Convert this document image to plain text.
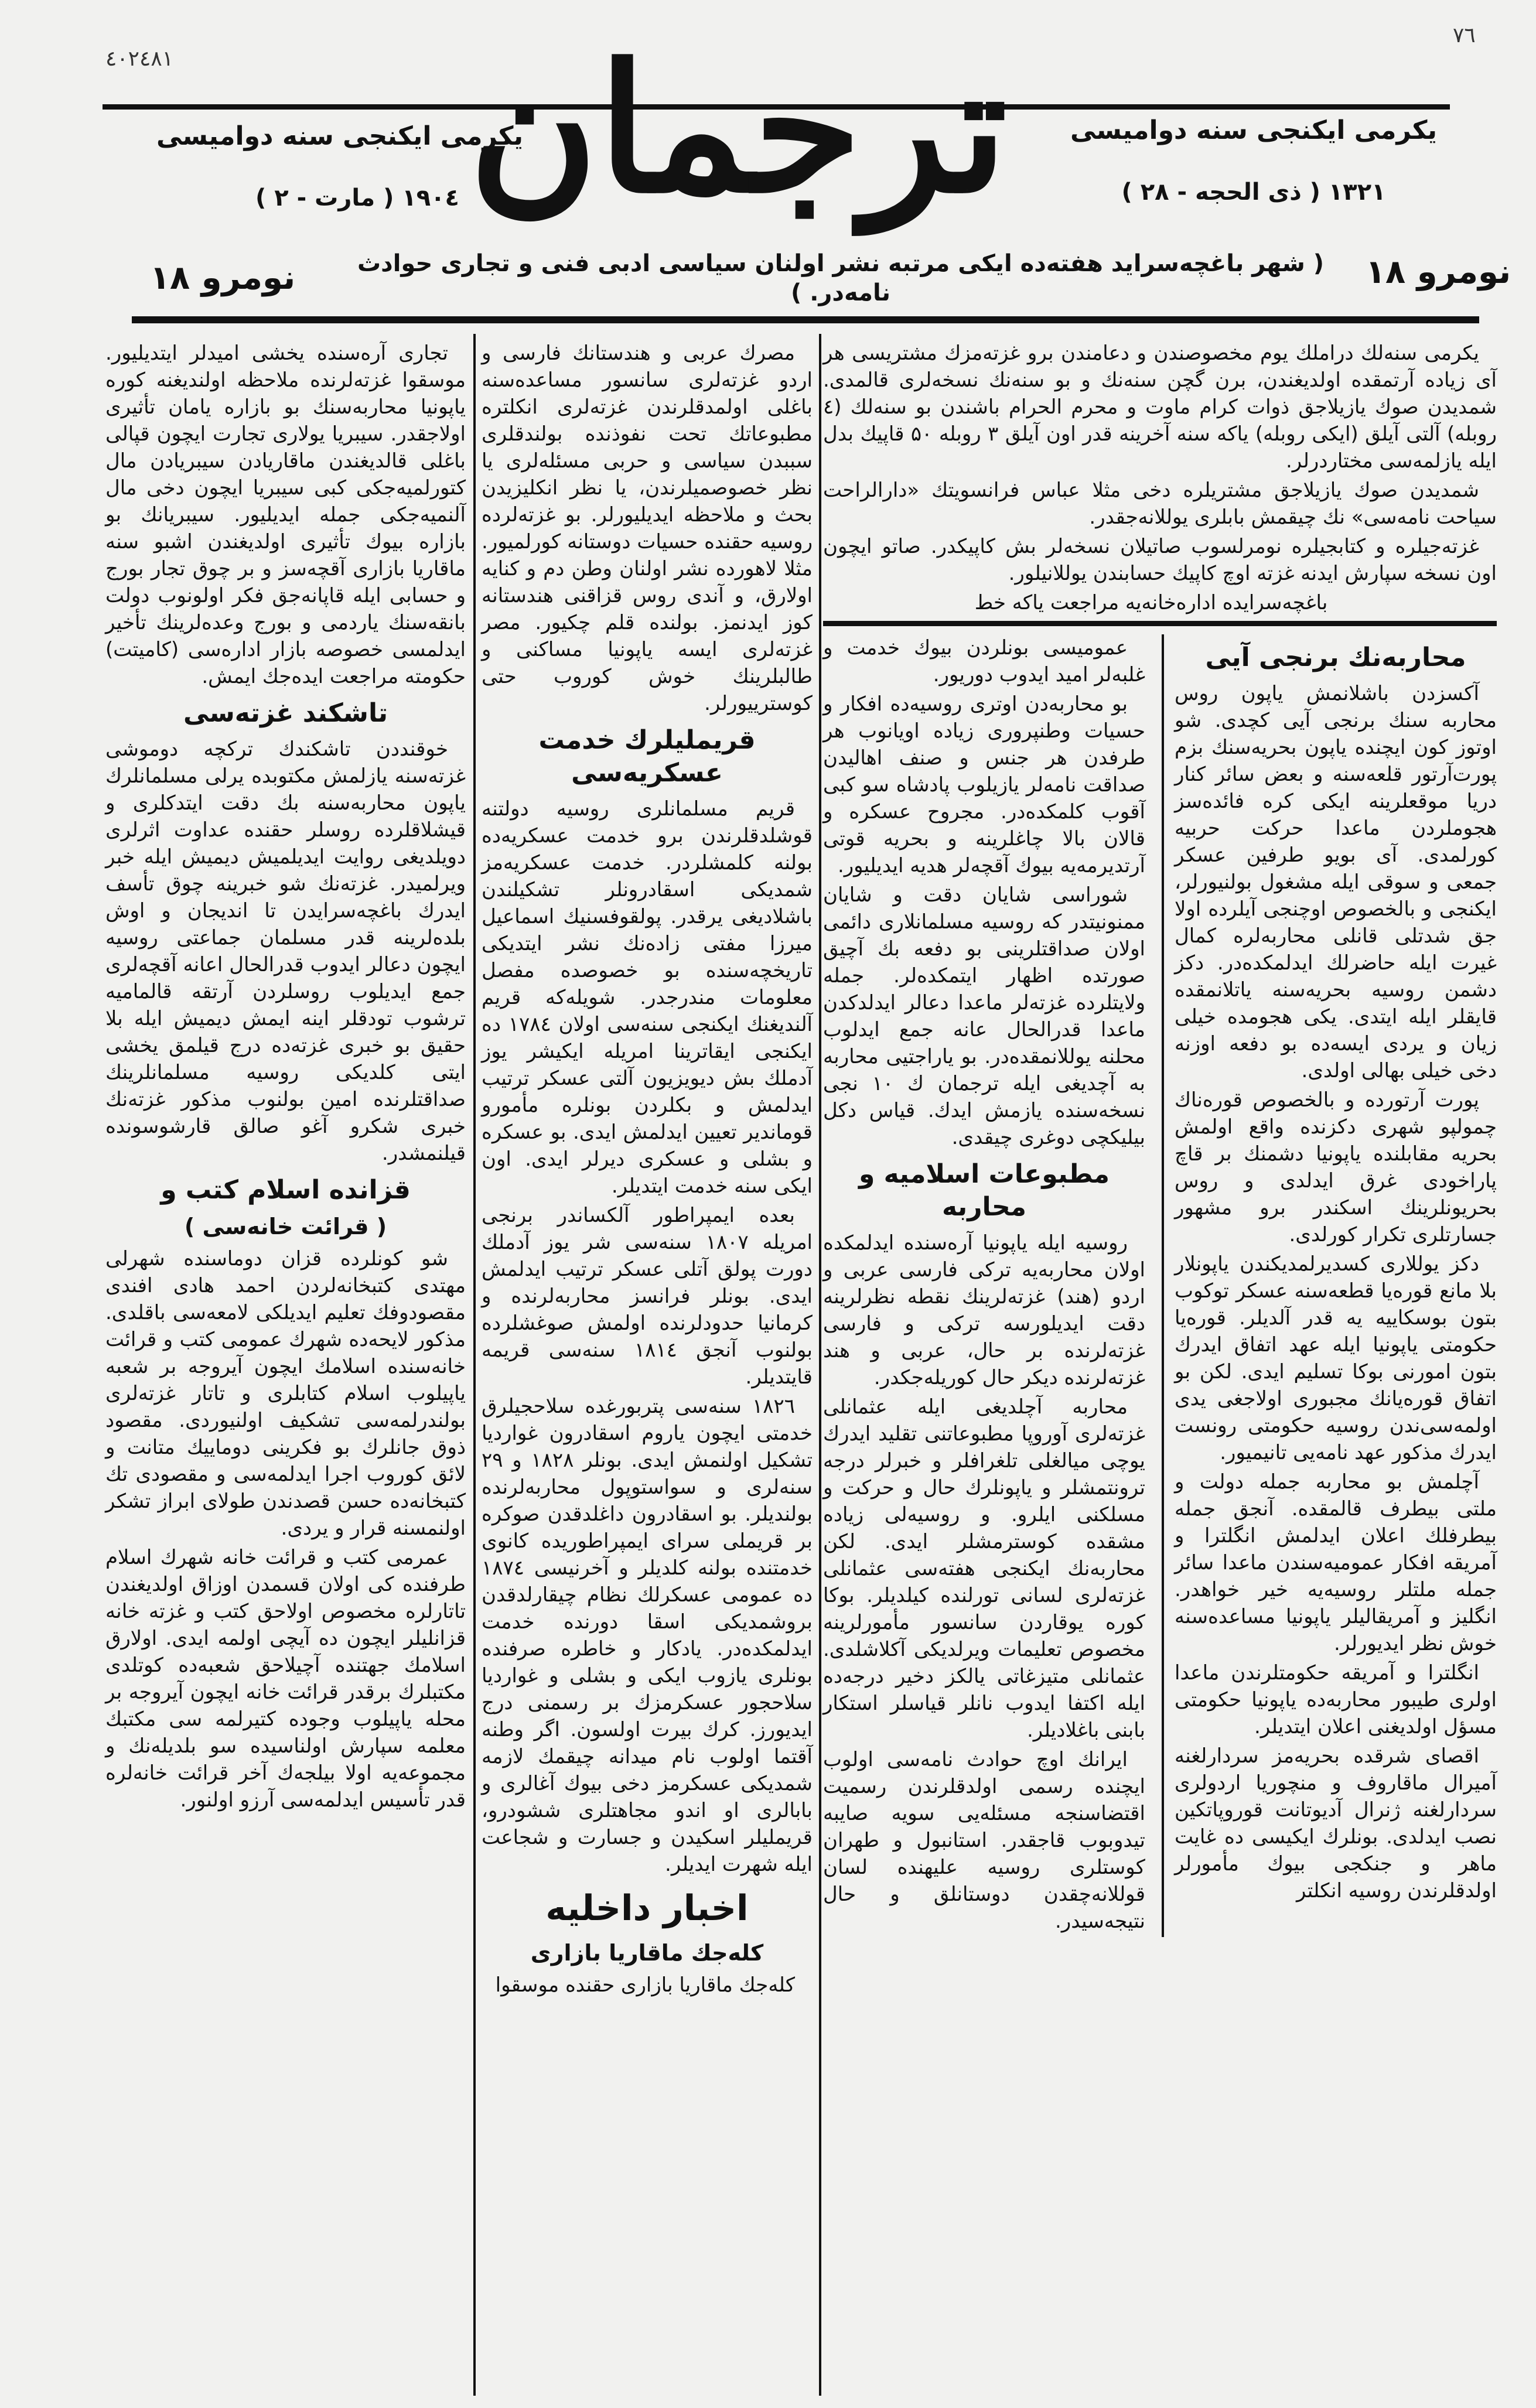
٤٠٢٤٨١
٧٦
یکرمی ایکنجی سنه دوامیسی
یکرمی ایکنجی سنه دوامیسی
۱۳۲۱ ( ذی الحجه - ۲۸ )
۱۹۰٤ ( مارت - ۲ ) ترجمان
نومرو ۱۸
( شهر باغچه‌سراید هفته‌ده ایکی مرتبه نشر اولنان سیاسی ادبی فنی و تجاری حوادث نامه‌در. )
نومرو ۱۸

یکرمی سنه‌لك دراملك یوم مخصوصندن و دعامندن برو غزته‌مزك مشتریسی هر آی زیاده آرتمقده اولدیغندن، برن گچن سنه‌نك و بو سنه‌نك نسخه‌لری قالمدی. شمدیدن صوك یازیلاجق ذوات کرام ماوت و محرم الحرام باشندن بو سنه‌لك (٤ روبله) آلتی آیلق (ایکی روبله) یاکه سنه آخرینه قدر اون آیلق ۳ روبله ۵۰ قاپیك بدل ایله یازلمه‌سی مختاردرلر.

شمدیدن صوك یازیلاجق مشتریلره دخی مثلا عباس فرانسویتك «دارالراحت سیاحت نامه‌سی» نك چیقمش بابلری یوللانه‌جقدر.

غزته‌جیلره و کتابجیلره نومرلسوب صاتیلان نسخه‌لر بش کاپیکدر. صاتو ایچون اون نسخه سپارش ایدنه غزته اوچ کاپیك حسابندن یوللانیلور.

باغچه‌سرایده اداره‌خانه‌یه مراجعت یاکه خط

محاربه‌نك برنجی آیی

آکسزدن باشلانمش یاپون روس محاربه سنك برنجی آیی کچدی. شو اوتوز کون ایچنده یاپون بحریه‌سنك بزم پورت‌آرتور قلعه‌سنه و بعض سائر کنار دریا موقعلرینه ایکی کره فائده‌سز هجوملردن ماعدا حرکت حربیه کورلمدی. آی بویو طرفین عسکر جمعی و سوقی ایله مشغول بولنیورلر، ایکنجی و بالخصوص اوچنجی آیلرده اولا جق شدتلی قانلی محاربه‌لره کمال غیرت ایله حاضرلك ایدلمکده‌در. دکز دشمن روسیه بحریه‌سنه یاتلانمقده قایقلر ایله ایتدی. یکی هجومده خیلی زیان و یردی ایسه‌ده بو دفعه اوزنه دخی خیلی بهالی اولدی.

پورت آرتورده و بالخصوص قوره‌ناك چمولپو شهری دکزنده واقع اولمش بحریه مقابلنده یاپونیا دشمنك بر قاچ پاراخودی غرق ایدلدی و روس بحریونلرینك اسکندر برو مشهور جسارتلری تکرار کورلدی.

دکز یوللاری کسدیرلمدیکندن یاپونلار بلا مانع قوره‌یا قطعه‌سنه عسکر توکوب بتون بوسکاییه یه قدر آلدیلر. قوره‌یا حکومتی یاپونیا ایله عهد اتفاق ایدرك بتون امورنی بوکا تسلیم ایدی. لکن بو اتفاق قوره‌یا‌نك مجبوری اولاجغی یدی اولمه‌سی‌ندن روسیه حکومتی رونست ایدرك مذکور عهد نامه‌یی تانیمیور.

آچلمش بو محاربه جمله دولت و ملتی بیطرف قالمقده. آنجق جمله بیطرفلك اعلان ایدلمش انگلترا و آمریقه افکار عمومیه‌سندن ماعدا سائر جمله ملتلر روسیه‌یه خیر خواهدر. انگلیز و آمریقالیلر یاپونیا مساعده‌سنه خوش نظر ایدیورلر.

انگلترا و آمریقه حکومتلرندن ماعدا اولری طیبور محاربه‌ده یاپونیا حکومتی مسؤل اولدیغنی اعلان ایتدیلر.

اقصای شرقده بحریه‌مز سردارلغنه آمیرال ماقاروف و منچوریا اردولری سردارلغنه ژنرال آدیوتانت قوروپاتکین نصب ایدلدی. بونلرك ایکیسی ده غایت ماهر و جنکجی بیوك مأمورلر اولدقلرندن روسیه انکلتر

عمومیسی بونلردن بیوك خدمت و غلبه‌لر امید ایدوب دوریور.

بو محاربه‌دن اوتری روسیه‌ده افکار و حسیات وطنپروری زیاده اویانوب هر طرفدن هر جنس و صنف اهالیدن صداقت نامه‌لر یازیلوب پادشاه سو کبی آقوب کلمکده‌در. مجروح عسکره و قالان بالا چاغلرینه و بحریه قوتی آرتدیرمه‌یه بیوك آقچه‌لر هدیه ایدیلیور.

شوراسی شایان دقت و شایان ممنونیتدر که روسیه مسلمانلاری دائمی اولان صداقتلرینی بو دفعه بك آچیق صورتده اظهار ایتمکده‌لر. جمله ولایتلرده غزته‌لر ماعدا دعالر ایدلدکدن ماعدا قدرالحال عانه جمع ایدلوب محلنه یوللانمقده‌در. بو یاراجتیی محاربه به آچدیغی ایله ترجمان ك ۱۰ نجی نسخه‌سنده یازمش ایدك. قیاس دکل بیلیکچی دوغری چیقدی.

مطبوعات اسلامیه و محاربه

روسیه ایله یاپونیا آره‌سنده ایدلمکده اولان محاربه‌یه ترکی فارسی عربی و اردو (هند) غزته‌لرینك نقطه نظرلرینه دقت ایدیلورسه ترکی و فارسی غزته‌لرنده بر حال، عربی و هند غزته‌لرنده دیکر حال کوریله‌جکدر.

محاربه آچلدیغی ایله عثمانلی غزته‌لری آوروپا مطبوعاتنی تقلید ایدرك یوچی میالغلی تلغرافلر و خبرلر درجه ترونتمشلر و یاپونلرك حال و حرکت و مسلکنی ایلرو. و روسیه‌لی زیاده مشقده کوسترمشلر ایدی. لکن محاربه‌نك ایکنجی هفته‌سی عثمانلی غزته‌لری لسانی تورلنده کیلدیلر. بوکا کوره یوقاردن سانسور مأمورلرینه مخصوص تعلیمات ویرلدیکی آکلاشلدی. عثمانلی متیزغاتی یالکز دخیر درجه‌ده ایله اکتفا ایدوب نانلر قیاسلر استکار بابنی باغلادیلر.

ایرانك اوچ حوادث نامه‌سی اولوب ایچنده رسمی اولدقلرندن رسمیت اقتضاسنجه مسئله‌یی سویه صایبه تیدوبوب قاجقدر. استانبول و طهران کوستلری روسیه علیهنده لسان قوللانه‌چقدن دوستانلق و حال نتیجه‌سیدر.

مصرك عربی و هندستانك فارسی و اردو غزته‌لری سانسور مساعده‌سنه باغلی اولمدقلرندن غزته‌لری انکلتره مطبوعاتك تحت نفوذنده بولندقلری سببدن سیاسی و حربی مسئله‌لری یا نظر خصوصمیلرندن، یا نظر انکلیزیدن بحث و ملاحظه ایدیلیورلر. بو غزته‌لرده روسیه حقنده حسیات دوستانه کورلمیور. مثلا لاهورده نشر اولنان وطن دم و کنایه اولارق، و آندی روس قزاقنی هندستانه کوز ایدنمز. بولنده قلم چکیور. مصر غزته‌لری ایسه یاپونیا مساکنی و طالبلرینك خوش کوروب حتی کوسترییورلر.

قریملیلرك خدمت عسکریه‌سی

قریم مسلمانلری روسیه دولتنه قوشلدقلرندن برو خدمت عسکریه‌ده بولنه کلمشلردر. خدمت عسکریه‌مز شمدیکی اسقادرونلر تشکیلندن باشلادیغی یرقدر. پولقوفسنیك اسماعیل میرزا مفتی زاده‌نك نشر ایتدیکی تاریخچه‌سنده بو خصوصده مفصل معلومات مندرجدر. شویله‌که قریم آلندیغنك ایکنجی سنه‌سی اولان ۱۷۸٤ ده ایکنجی ایقاترینا امریله ایکیشر یوز آدملك بش دیویزیون آلتی عسکر ترتیب ایدلمش و بکلردن بونلره مأمورو قوماندیر تعیین ایدلمش ایدی. بو عسکره و بشلی و عسکری دیرلر ایدی. اون ایکی سنه خدمت ایتدیلر.

بعده ایمپراطور آلکساندر برنجی امریله ۱۸۰۷ سنه‌سی شر یوز آدملك دورت پولق آتلی عسکر ترتیب ایدلمش ایدی. بونلر فرانسز محاربه‌لرنده و کرمانیا حدودلرنده اولمش صوغشلرده بولنوب آنجق ۱۸۱٤ سنه‌سی قریمه قایتدیلر.

۱۸۲٦ سنه‌سی پتربورغده سلاحجیلرق خدمتی ایچون یاروم اسقادرون غواردیا تشکیل اولنمش ایدی. بونلر ۱۸۲۸ و ۲۹ سنه‌لری و سواستوپول محاربه‌لرنده بولندیلر. بو اسقادرون داغلدقدن صوکره بر قریملی سرای ایمپراطوریده کانوی خدمتنده بولنه کلدیلر و آخرنیسی ۱۸۷٤ ده عمومی عسکرلك نظام چیقارلدقدن بروشمدیکی اسقا دورنده خدمت ایدلمکده‌در. یادکار و خاطره صرفنده بونلری یازوب ایکی و بشلی و غواردیا سلاحجور عسکرمزك بر رسمنی درج ایدیورز. کرك بیرت اولسون. اگر وطنه آقتما اولوب نام میدانه چیقمك لازمه شمدیکی عسکرمز دخی بیوك آغالری و بابالری او اندو مجاهتلری ششودرو، قریملیلر اسکیدن و جسارت و شجاعت ایله شهرت ایدیلر.

اخبار داخلیه
کله‌جك ماقاریا بازاری

کله‌جك ماقاریا بازاری حقنده موسقوا

تجاری آره‌سنده یخشی امیدلر ایتدیلیور. موسقوا غزته‌لرنده ملاحظه اولندیغنه کوره یاپونیا محاربه‌سنك بو بازاره یامان تأثیری اولاجقدر. سیبریا یولاری تجارت ایچون قپالی باغلی قالدیغندن ماقاریادن سیبریادن مال کتورلمیه‌جکی کبی سیبریا ایچون دخی مال آلنمیه‌جکی جمله ایدیلیور. سیبریانك بو بازاره بیوك تأثیری اولدیغندن اشبو سنه ماقاریا بازاری آقچه‌سز و بر چوق تجار بورج و حسابی ایله قاپانه‌جق فکر اولونوب دولت بانقه‌سنك یاردمی و بورج وعده‌لرینك تأخیر ایدلمسی خصوصه بازار اداره‌سی (کامیتت) حکومته مراجعت ایده‌جك ایمش.

تاشکند غزته‌سی

خوقنددن تاشکندك ترکچه دوموشی غزته‌سنه یازلمش مکتوبده یرلی مسلمانلرك یاپون محاربه‌سنه بك دقت ایتدکلری و قیشلاقلرده روسلر حقنده عداوت اثرلری دویلدیغی روایت ایدیلمیش دیمیش ایله خبر ویرلمیدر. غزته‌نك شو خبرینه چوق تأسف ایدرك باغچه‌سرایدن تا اندیجان و اوش بلده‌لرینه قدر مسلمان جماعتی روسیه ایچون دعالر ایدوب قدرالحال اعانه آقچه‌لری جمع ایدیلوب روسلردن آرتقه قالمامیه ترشوب تودقلر اینه ایمش دیمیش ایله بلا حقیق بو خبری غزته‌ده درج قیلمق یخشی ایتی کلدیکی روسیه مسلمانلرینك صداقتلرنده امین بولنوب مذکور غزته‌نك خبری شکرو آغو صالق قارشوسونده قیلنمشدر.

قزانده اسلام کتب و
( قرائت خانه‌سی )

شو کونلرده قزان دوماسنده شهرلی مهتدی کتبخانه‌لردن احمد هادی افندی مقصودوفك تعلیم ایدیلکی لامعه‌سی باقلدی. مذکور لایحه‌ده شهرك عمومی کتب و قرائت خانه‌سنده اسلامك ایچون آیروجه بر شعبه یاپیلوب اسلام کتابلری و تاتار غزته‌لری بولندرلمه‌سی تشکیف اولنیوردی. مقصود ذوق جانلرك بو فکرینی دوماییك متانت و لائق کوروب اجرا ایدلمه‌سی و مقصودی تك کتبخانه‌ده حسن قصدندن طولای ابراز تشکر اولنمسنه قرار و یردی.

عمرمی کتب و قرائت خانه شهرك اسلام طرفنده کی اولان قسمدن اوزاق اولدیغندن تاتارلره مخصوص اولاحق کتب و غزته خانه قزانلیلر ایچون ده آیچی اولمه ایدی. اولارق اسلامك جهتنده آچیلاحق شعبه‌ده کوتلدی مکتبلرك برقدر قرائت خانه ایچون آیروجه بر محله یاپیلوب وجوده کتیرلمه سی مکتبك معلمه سپارش اولناسیده سو بلدیله‌نك و مجموعه‌یه اولا بیلجه‌ك آخر قرائت خانه‌لره قدر تأسیس ایدلمه‌سی آرزو اولنور.
